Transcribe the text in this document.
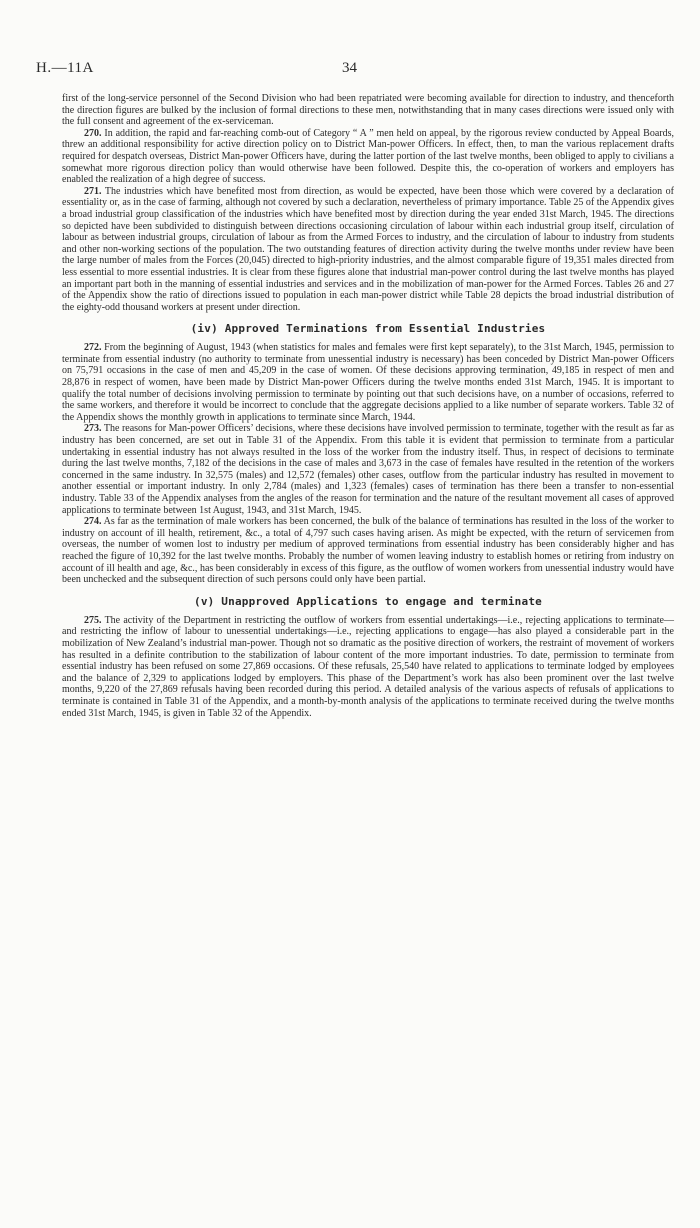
H.—11A	34

first of the long-service personnel of the Second Division who had been repatriated were becoming available for direction to industry, and thenceforth the direction figures are bulked by the inclusion of formal directions to these men, notwithstanding that in many cases directions were issued only with the full consent and agreement of the ex-serviceman.

270. In addition, the rapid and far-reaching comb-out of Category “ A ” men held on appeal, by the rigorous review conducted by Appeal Boards, threw an additional responsibility for active direction policy on to District Man-power Officers. In effect, then, to man the various replacement drafts required for despatch overseas, District Man-power Officers have, during the latter portion of the last twelve months, been obliged to apply to civilians a somewhat more rigorous direction policy than would otherwise have been followed. Despite this, the co-operation of workers and employers has enabled the realization of a high degree of success.

271. The industries which have benefited most from direction, as would be expected, have been those which were covered by a declaration of essentiality or, as in the case of farming, although not covered by such a declaration, nevertheless of primary importance. Table 25 of the Appendix gives a broad industrial group classification of the industries which have benefited most by direction during the year ended 31st March, 1945. The directions so depicted have been subdivided to distinguish between directions occasioning circulation of labour within each industrial group itself, circulation of labour as between industrial groups, circulation of labour as from the Armed Forces to industry, and the circulation of labour to industry from students and other non-working sections of the population. The two outstanding features of direction activity during the twelve months under review have been the large number of males from the Forces (20,045) directed to high-priority industries, and the almost comparable figure of 19,351 males directed from less essential to more essential industries. It is clear from these figures alone that industrial man-power control during the last twelve months has played an important part both in the manning of essential industries and services and in the mobilization of man-power for the Armed Forces. Tables 26 and 27 of the Appendix show the ratio of directions issued to population in each man-power district while Table 28 depicts the broad industrial distribution of the eighty-odd thousand workers at present under direction.

(iv) Approved Terminations from Essential Industries

272. From the beginning of August, 1943 (when statistics for males and females were first kept separately), to the 31st March, 1945, permission to terminate from essential industry (no authority to terminate from unessential industry is necessary) has been conceded by District Man-power Officers on 75,791 occasions in the case of men and 45,209 in the case of women. Of these decisions approving termination, 49,185 in respect of men and 28,876 in respect of women, have been made by District Man-power Officers during the twelve months ended 31st March, 1945. It is important to qualify the total number of decisions involving permission to terminate by pointing out that such decisions have, on a number of occasions, referred to the same workers, and therefore it would be incorrect to conclude that the aggregate decisions applied to a like number of separate workers. Table 32 of the Appendix shows the monthly growth in applications to terminate since March, 1944.

273. The reasons for Man-power Officers’ decisions, where these decisions have involved permission to terminate, together with the result as far as industry has been concerned, are set out in Table 31 of the Appendix. From this table it is evident that permission to terminate from a particular undertaking in essential industry has not always resulted in the loss of the worker from the industry itself. Thus, in respect of decisions to terminate during the last twelve months, 7,182 of the decisions in the case of males and 3,673 in the case of females have resulted in the retention of the workers concerned in the same industry. In 32,575 (males) and 12,572 (females) other cases, outflow from the particular industry has resulted in movement to another essential or important industry. In only 2,784 (males) and 1,323 (females) cases of termination has there been a transfer to non-essential industry. Table 33 of the Appendix analyses from the angles of the reason for termination and the nature of the resultant movement all cases of approved applications to terminate between 1st August, 1943, and 31st March, 1945.

274. As far as the termination of male workers has been concerned, the bulk of the balance of terminations has resulted in the loss of the worker to industry on account of ill health, retirement, &c., a total of 4,797 such cases having arisen. As might be expected, with the return of servicemen from overseas, the number of women lost to industry per medium of approved terminations from essential industry has been considerably higher and has reached the figure of 10,392 for the last twelve months. Probably the number of women leaving industry to establish homes or retiring from industry on account of ill health and age, &c., has been considerably in excess of this figure, as the outflow of women workers from unessential industry would have been unchecked and the subsequent direction of such persons could only have been partial.

(v) Unapproved Applications to engage and terminate

275. The activity of the Department in restricting the outflow of workers from essential undertakings—i.e., rejecting applications to terminate—and restricting the inflow of labour to unessential undertakings—i.e., rejecting applications to engage—has also played a considerable part in the mobilization of New Zealand’s industrial man-power. Though not so dramatic as the positive direction of workers, the restraint of movement of workers has resulted in a definite contribution to the stabilization of labour content of the more important industries. To date, permission to terminate from essential industry has been refused on some 27,869 occasions. Of these refusals, 25,540 have related to applications to terminate lodged by employees and the balance of 2,329 to applications lodged by employers. This phase of the Department’s work has also been prominent over the last twelve months, 9,220 of the 27,869 refusals having been recorded during this period. A detailed analysis of the various aspects of refusals of applications to terminate is contained in Table 31 of the Appendix, and a month-by-month analysis of the applications to terminate received during the twelve months ended 31st March, 1945, is given in Table 32 of the Appendix.
